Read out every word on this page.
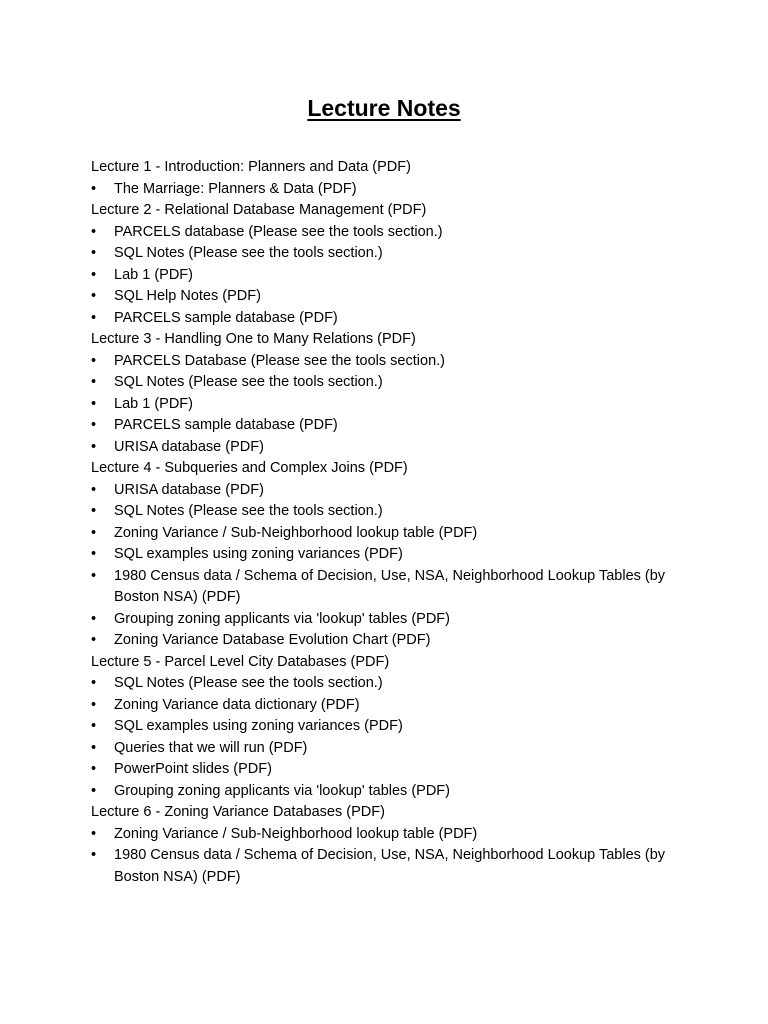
Lecture Notes

Lecture 1 - Introduction: Planners and Data (PDF)

•	The Marriage: Planners & Data (PDF)

Lecture 2 - Relational Database Management (PDF)

•	PARCELS database (Please see the tools section.)
•	SQL Notes (Please see the tools section.)
•	Lab 1 (PDF)
•	SQL Help Notes (PDF)
•	PARCELS sample database (PDF)

Lecture 3 - Handling One to Many Relations (PDF)

•	PARCELS Database (Please see the tools section.)
•	SQL Notes (Please see the tools section.)
•	Lab 1 (PDF)
•	PARCELS sample database (PDF)
•	URISA database (PDF)

Lecture 4 - Subqueries and Complex Joins (PDF)

•	URISA database (PDF)
•	SQL Notes (Please see the tools section.)
•	Zoning Variance / Sub-Neighborhood lookup table (PDF)
•	SQL examples using zoning variances (PDF)
•	1980 Census data / Schema of Decision, Use, NSA, Neighborhood Lookup Tables (by Boston NSA) (PDF)
•	Grouping zoning applicants via 'lookup' tables (PDF)
•	Zoning Variance Database Evolution Chart (PDF)

Lecture 5 - Parcel Level City Databases (PDF)

•	SQL Notes (Please see the tools section.)
•	Zoning Variance data dictionary (PDF)
•	SQL examples using zoning variances (PDF)
•	Queries that we will run (PDF)
•	PowerPoint slides (PDF)
•	Grouping zoning applicants via 'lookup' tables (PDF)

Lecture 6 - Zoning Variance Databases (PDF)

•	Zoning Variance / Sub-Neighborhood lookup table (PDF)
•	1980 Census data / Schema of Decision, Use, NSA, Neighborhood Lookup Tables (by Boston NSA) (PDF)
